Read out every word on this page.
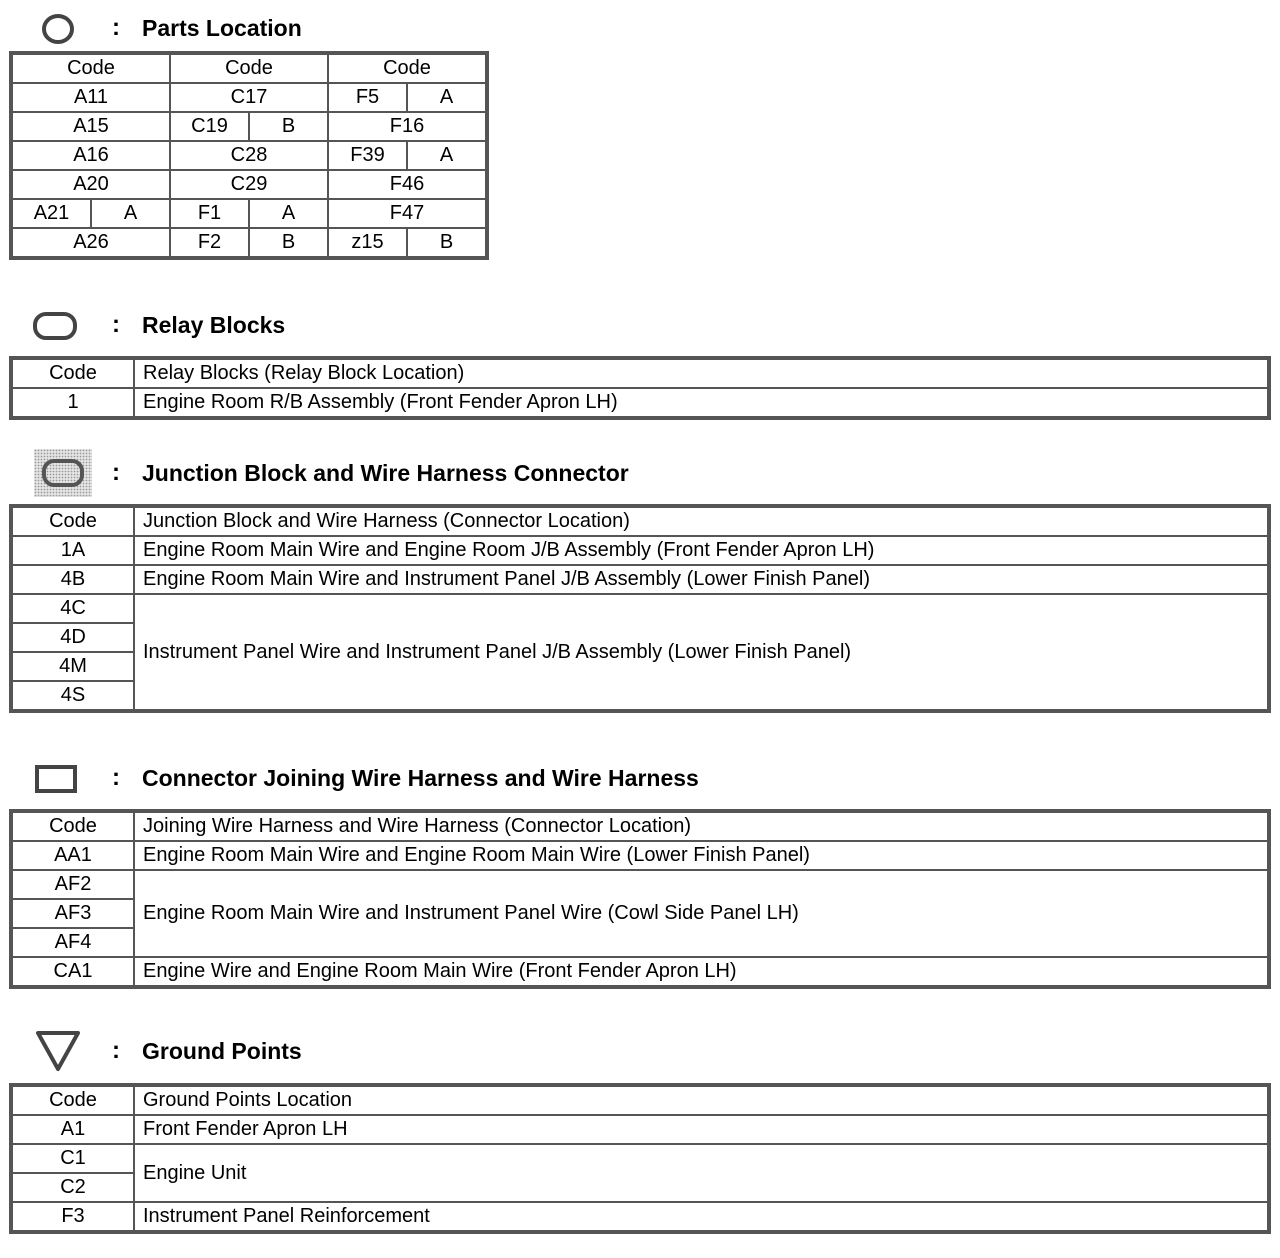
: Parts Location
Code		Code		Code	
A11		C17		F5	A
A15		C19	B	F16	
A16		C28		F39	A
A20		C29		F46	
A21	A	F1	A	F47	
A26		F2	B	z15	B
: Relay Blocks
Code	Relay Blocks (Relay Block Location)
1	Engine Room R/B Assembly (Front Fender Apron LH)
: Junction Block and Wire Harness Connector
Code	Junction Block and Wire Harness (Connector Location)
1A	Engine Room Main Wire and Engine Room J/B Assembly (Front Fender Apron LH)
4B	Engine Room Main Wire and Instrument Panel J/B Assembly (Lower Finish Panel)
4C	Instrument Panel Wire and Instrument Panel J/B Assembly (Lower Finish Panel)
4D	
4M	
4S	
: Connector Joining Wire Harness and Wire Harness
Code	Joining Wire Harness and Wire Harness (Connector Location)
AA1	Engine Room Main Wire and Engine Room Main Wire (Lower Finish Panel)
AF2	Engine Room Main Wire and Instrument Panel Wire (Cowl Side Panel LH)
AF3	
AF4	
CA1	Engine Wire and Engine Room Main Wire (Front Fender Apron LH)
: Ground Points
Code	Ground Points Location
A1	Front Fender Apron LH
C1	Engine Unit
C2	
F3	Instrument Panel Reinforcement
